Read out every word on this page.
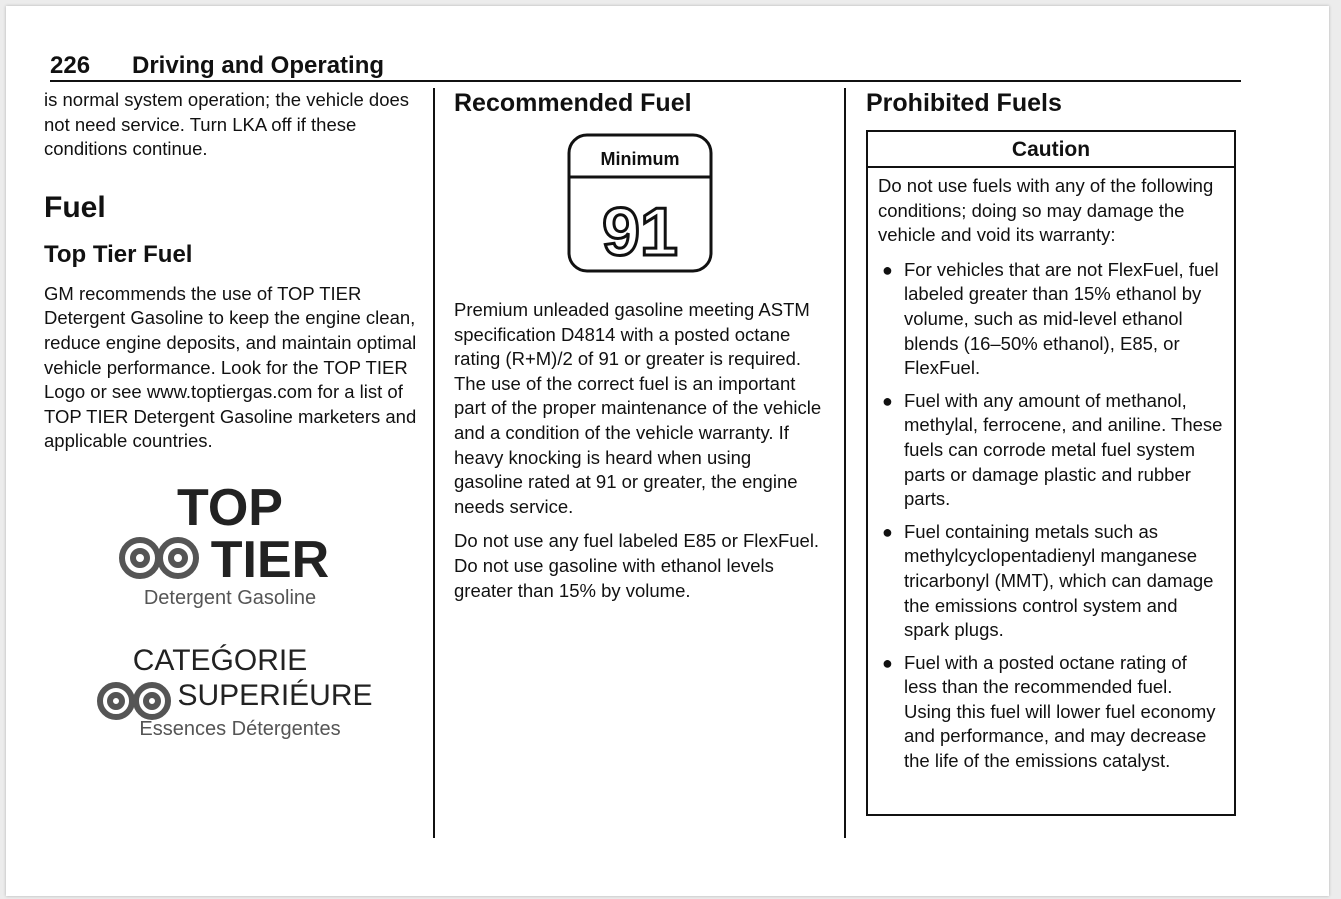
226 Driving and Operating

is normal system operation; the vehicle does not need service. Turn LKA off if these conditions continue.

Fuel
Top Tier Fuel

GM recommends the use of TOP TIER Detergent Gasoline to keep the engine clean, reduce engine deposits, and maintain optimal vehicle performance. Look for the TOP TIER Logo or see www.toptiergas.com for a list of TOP TIER Detergent Gasoline marketers and applicable countries.

TOP
TIER
Detergent Gasoline
CATEǴORIE
SUPERIÉURE
Essences Détergentes
Recommended Fuel

Premium unleaded gasoline meeting ASTM specification D4814 with a posted octane rating (R+M)/2 of 91 or greater is required. The use of the correct fuel is an important part of the proper maintenance of the vehicle and a condition of the vehicle warranty. If heavy knocking is heard when using gasoline rated at 91 or greater, the engine needs service.

Do not use any fuel labeled E85 or FlexFuel. Do not use gasoline with ethanol levels greater than 15% by volume.

Minimum
91
Prohibited Fuels
Caution

Do not use fuels with any of the following conditions; doing so may damage the vehicle and void its warranty:

● For vehicles that are not FlexFuel, fuel labeled greater than 15% ethanol by volume, such as mid-level ethanol blends (16–50% ethanol), E85, or FlexFuel.
● Fuel with any amount of methanol, methylal, ferrocene, and aniline. These fuels can corrode metal fuel system parts or damage plastic and rubber parts.
● Fuel containing metals such as methylcyclopentadienyl manganese tricarbonyl (MMT), which can damage the emissions control system and spark plugs.
● Fuel with a posted octane rating of less than the recommended fuel. Using this fuel will lower fuel economy and performance, and may decrease the life of the emissions catalyst.
